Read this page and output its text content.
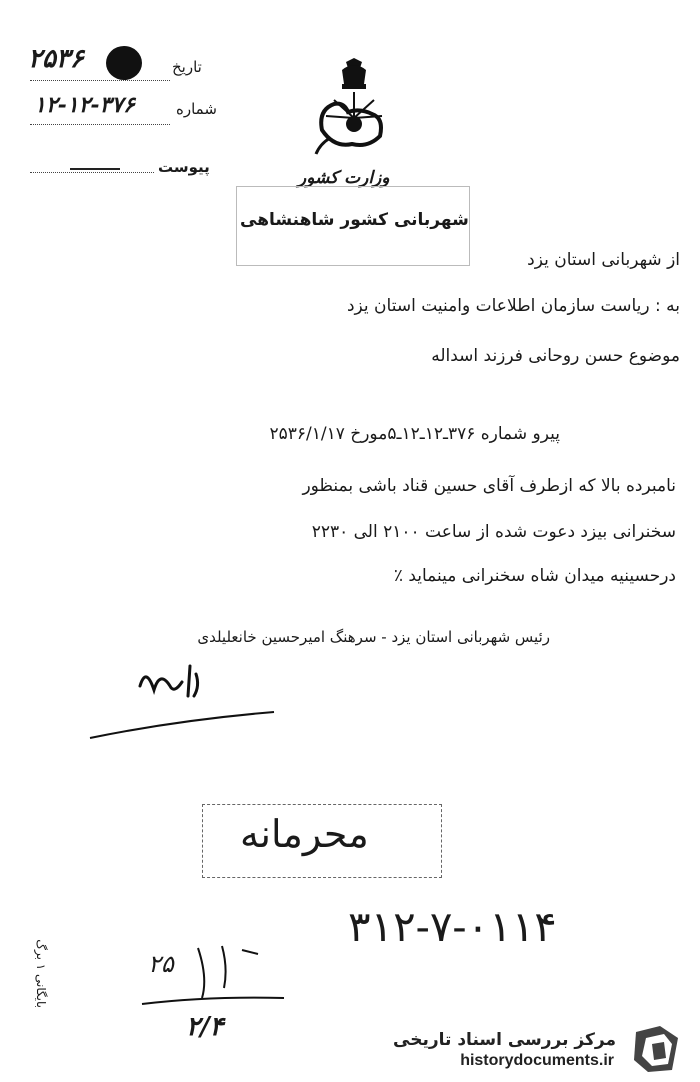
۲۵۳۶	تاریخ
۱۲-۱۲-۳۷۶	شماره
پیوست
وزارت کشور
شهربانی کشور شاهنشاهی
از شهربانی استان یزد
به : ریاست سازمان اطلاعات وامنیت استان یزد
موضوع حسن روحانی فرزند اسداله
پیرو شماره ۳۷۶ـ۱۲ـ۱۲ـ۵مورخ ۲۵۳۶/۱/۱۷
نامبرده بالا که ازطرف آقای حسین قناد باشی بمنظور
سخنرانی بیزد دعوت شده از ساعت ۲۱۰۰ الی ۲۲۳۰
درحسینیه میدان شاه سخنرانی مینماید ٪
رئیس شهربانی استان یزد - سرهنگ امیرحسین خانعلیلدی
محرمانه
۳۱۲-۷-۰۱۱۴
۲۵
۲/۴
بایگانی ۱ برگ
مرکز بررسی اسناد تاریخی
historydocuments.ir
